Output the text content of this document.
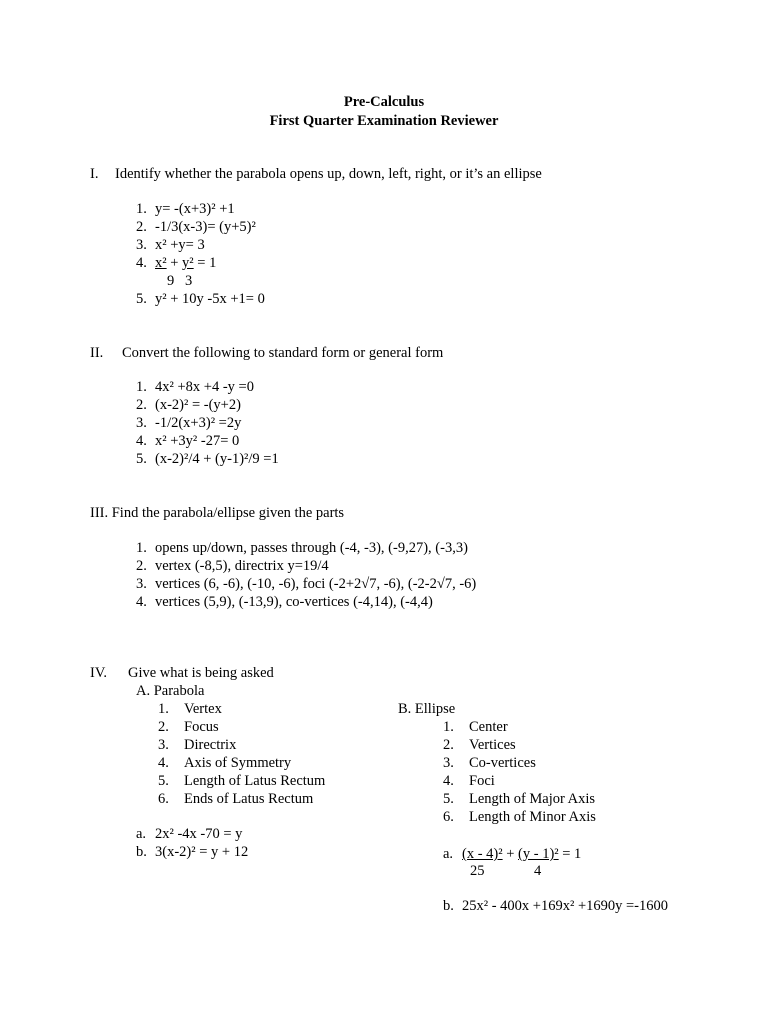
Pre-Calculus
First Quarter Examination Reviewer
I. Identify whether the parabola opens up, down, left, right, or it’s an ellipse
1. y= -(x+3)² +1
2. -1/3(x-3)= (y+5)²
3. x² +y= 3
4. x² + y² = 1
9 3
5. y² + 10y -5x +1= 0
II. Convert the following to standard form or general form
1. 4x² +8x +4 -y =0
2. (x-2)² = -(y+2)
3. -1/2(x+3)² =2y
4. x² +3y² -27= 0
5. (x-2)²/4 + (y-1)²/9 =1
III. Find the parabola/ellipse given the parts
1. opens up/down, passes through (-4, -3), (-9,27), (-3,3)
2. vertex (-8,5), directrix y=19/4
3. vertices (6, -6), (-10, -6), foci (-2+2√7, -6), (-2-2√7, -6)
4. vertices (5,9), (-13,9), co-vertices (-4,14), (-4,4)
IV. Give what is being asked
A. Parabola
1. Vertex
2. Focus
3. Directrix
4. Axis of Symmetry
5. Length of Latus Rectum
6. Ends of Latus Rectum
a. 2x² -4x -70 = y
b. 3(x-2)² = y + 12
B. Ellipse
1. Center
2. Vertices
3. Co-vertices
4. Foci
5. Length of Major Axis
6. Length of Minor Axis
a. (x - 4)² + (y - 1)² = 1
25	4
b. 25x² - 400x +169x² +1690y =-1600
